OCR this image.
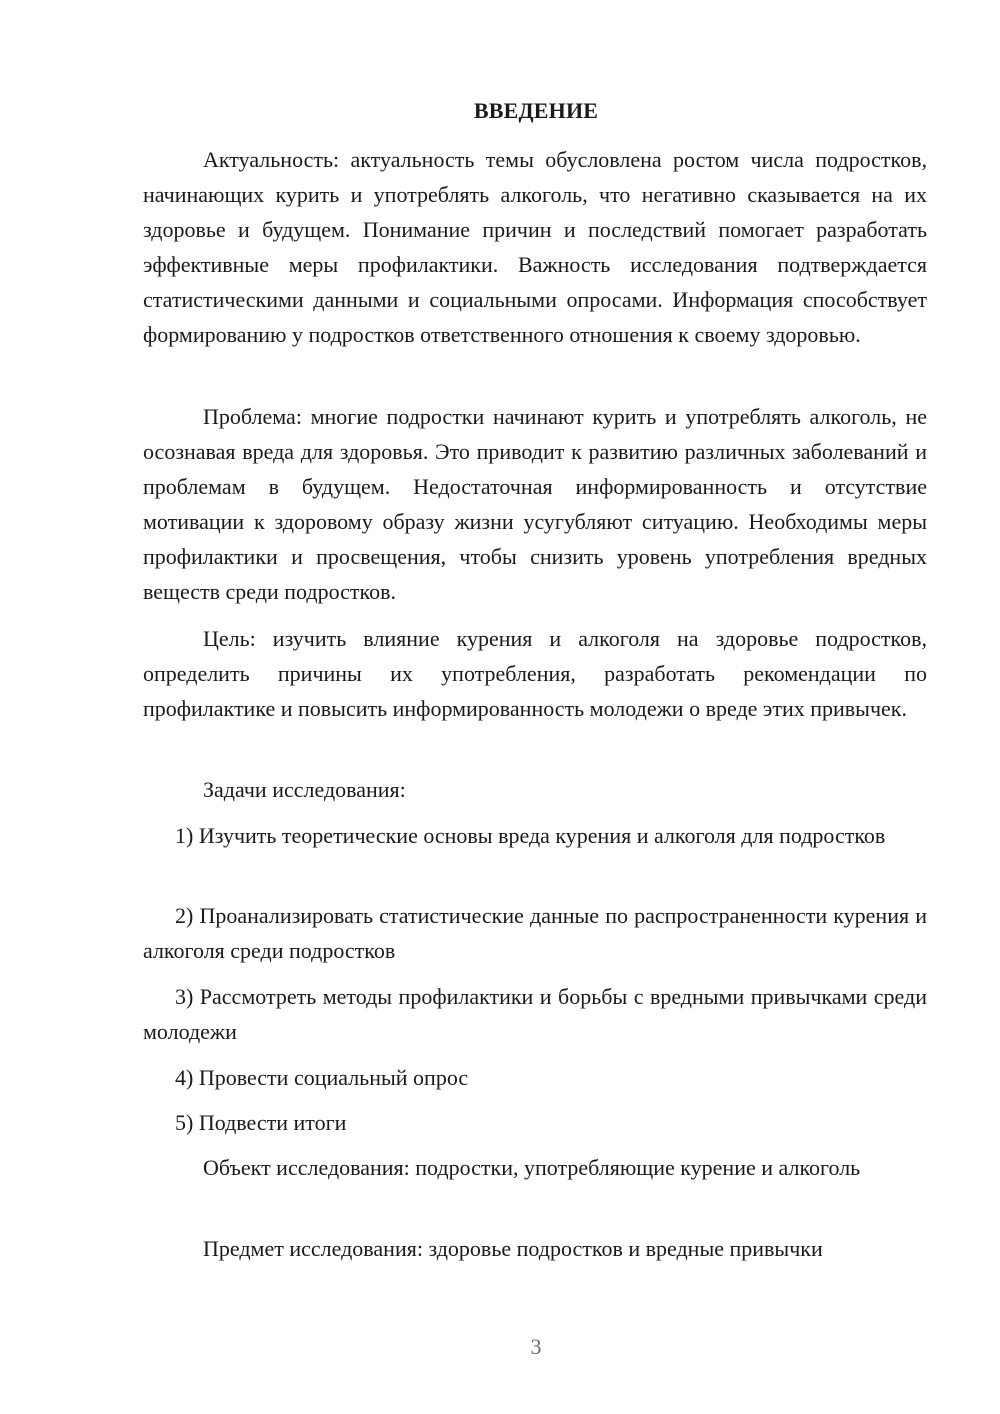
ВВЕДЕНИЕ

Актуальность: актуальность темы обусловлена ростом числа подростков, начинающих курить и употреблять алкоголь, что негативно сказывается на их здоровье и будущем. Понимание причин и последствий помогает разработать эффективные меры профилактики. Важность исследования подтверждается статистическими данными и социальными опросами. Информация способствует формированию у подростков ответственного отношения к своему здоровью.

Проблема: многие подростки начинают курить и употреблять алкоголь, не осознавая вреда для здоровья. Это приводит к развитию различных заболеваний и проблемам в будущем. Недостаточная информированность и отсутствие мотивации к здоровому образу жизни усугубляют ситуацию. Необходимы меры профилактики и просвещения, чтобы снизить уровень употребления вредных веществ среди подростков.

Цель: изучить влияние курения и алкоголя на здоровье подростков, определить причины их употребления, разработать рекомендации по профилактике и повысить информированность молодежи о вреде этих привычек.

Задачи исследования:

1) Изучить теоретические основы вреда курения и алкоголя для подростков

2) Проанализировать статистические данные по распространенности курения и алкоголя среди подростков

3) Рассмотреть методы профилактики и борьбы с вредными привычками среди молодежи

4) Провести социальный опрос

5) Подвести итоги

Объект исследования: подростки, употребляющие курение и алкоголь

Предмет исследования: здоровье подростков и вредные привычки

3
